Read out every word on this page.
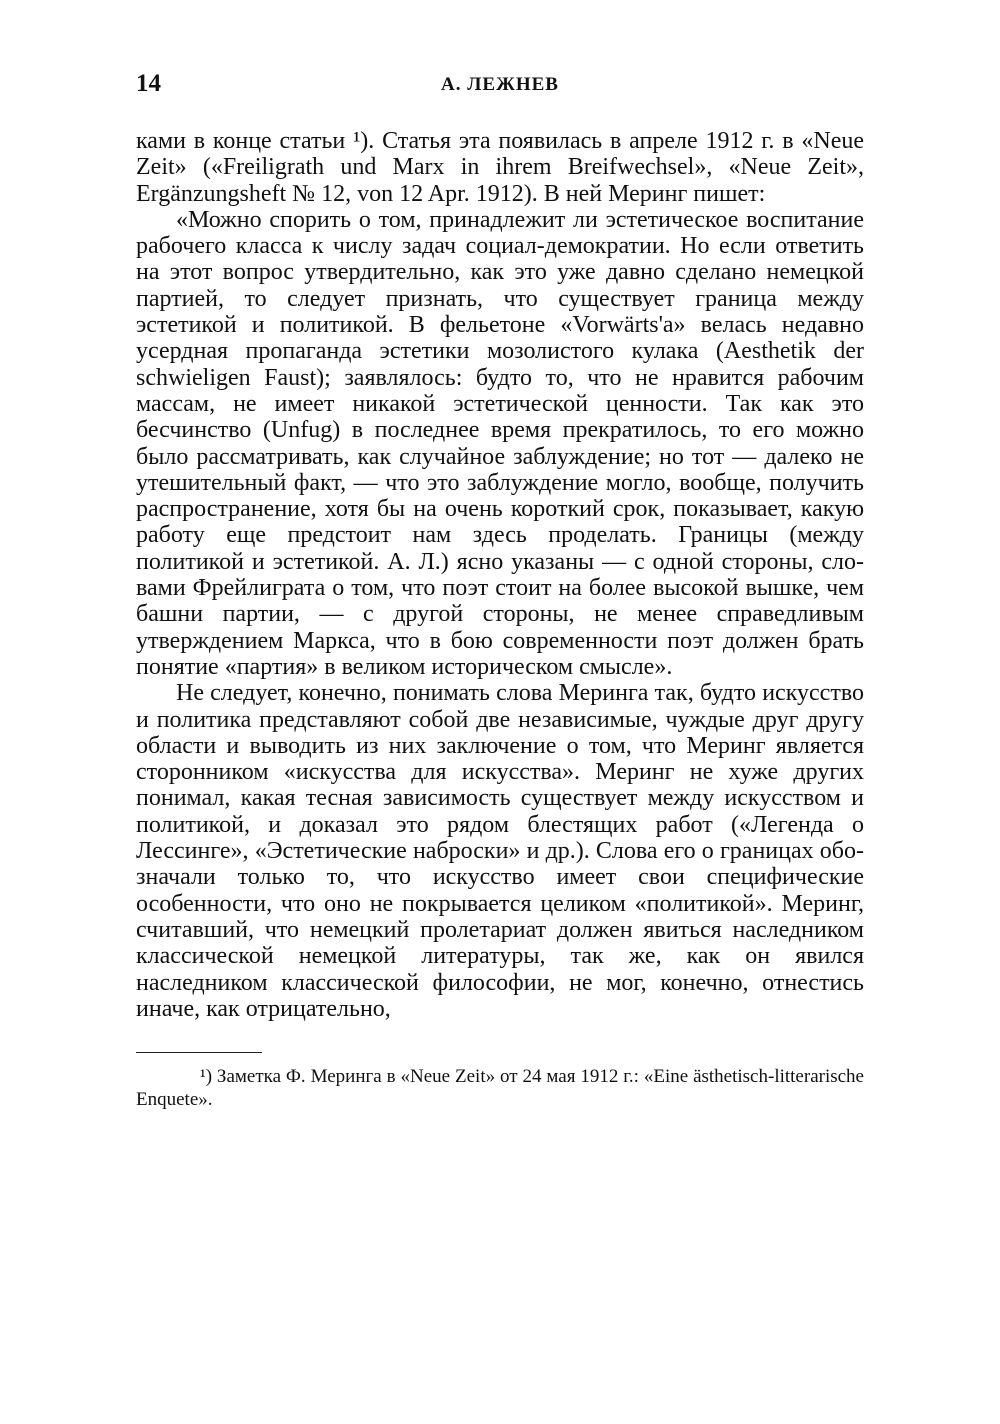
14	А. ЛЕЖНЕВ

ками в конце статьи ¹). Статья эта появилась в апреле 1912 г. в «Neue Zeit» («Freiligrath und Marx in ihrem Breifwechsel», «Neue Zeit», Ergänzungsheft № 12, von 12 Apr. 1912). В ней Меринг пишет:

«Можно спорить о том, принадлежит ли эстетическое воспитание рабочего класса к числу задач социал-демократии. Но если ответить на этот вопрос утвердительно, как это уже давно сделано немецкой партией, то следует признать, что существует граница между эстетикой и политикой. В фельетоне «Vorwärts'a» велась недавно усердная пропаганда эстетики мозолистого кулака (Aesthetik der schwieligen Faust); заявлялось: будто то, что не нравится рабочим массам, не имеет никакой эстетической ценности. Так как это бесчинство (Unfug) в последнее время прекратилось, то его можно было рассматривать, как случайное заблуждение; но тот — далеко не утешительный факт, — что это заблуждение могло, вообще, получить распространение, хотя бы на очень короткий срок, показывает, какую работу еще предстоит нам здесь проделать. Границы (между политикой и эстетикой. А. Л.) ясно указаны — с одной стороны, словами Фрейлиграта о том, что поэт стоит на более высокой вышке, чем башни партии, — с другой стороны, не менее справедливым утверждением Маркса, что в бою современности поэт должен брать понятие «партия» в великом историческом смысле».

Не следует, конечно, понимать слова Меринга так, будто искусство и политика представляют собой две независимые, чуждые друг другу области и выводить из них заключение о том, что Меринг является сторонником «искусства для искусства». Меринг не хуже других понимал, какая тесная зависимость существует между искусством и политикой, и доказал это рядом блестящих работ («Легенда о Лессинге», «Эстетические наброски» и др.). Слова его о границах обозначали только то, что искусство имеет свои специфические особенности, что оно не покрывается целиком «политикой». Меринг, считавший, что немецкий пролетариат должен явиться наследником классической немецкой литературы, так же, как он явился наследником классической философии, не мог, конечно, отнестись иначе, как отрицательно,

¹) Заметка Ф. Меринга в «Neue Zeit» от 24 мая 1912 г.: «Eine ästhetisch-litterarische Enquete».
